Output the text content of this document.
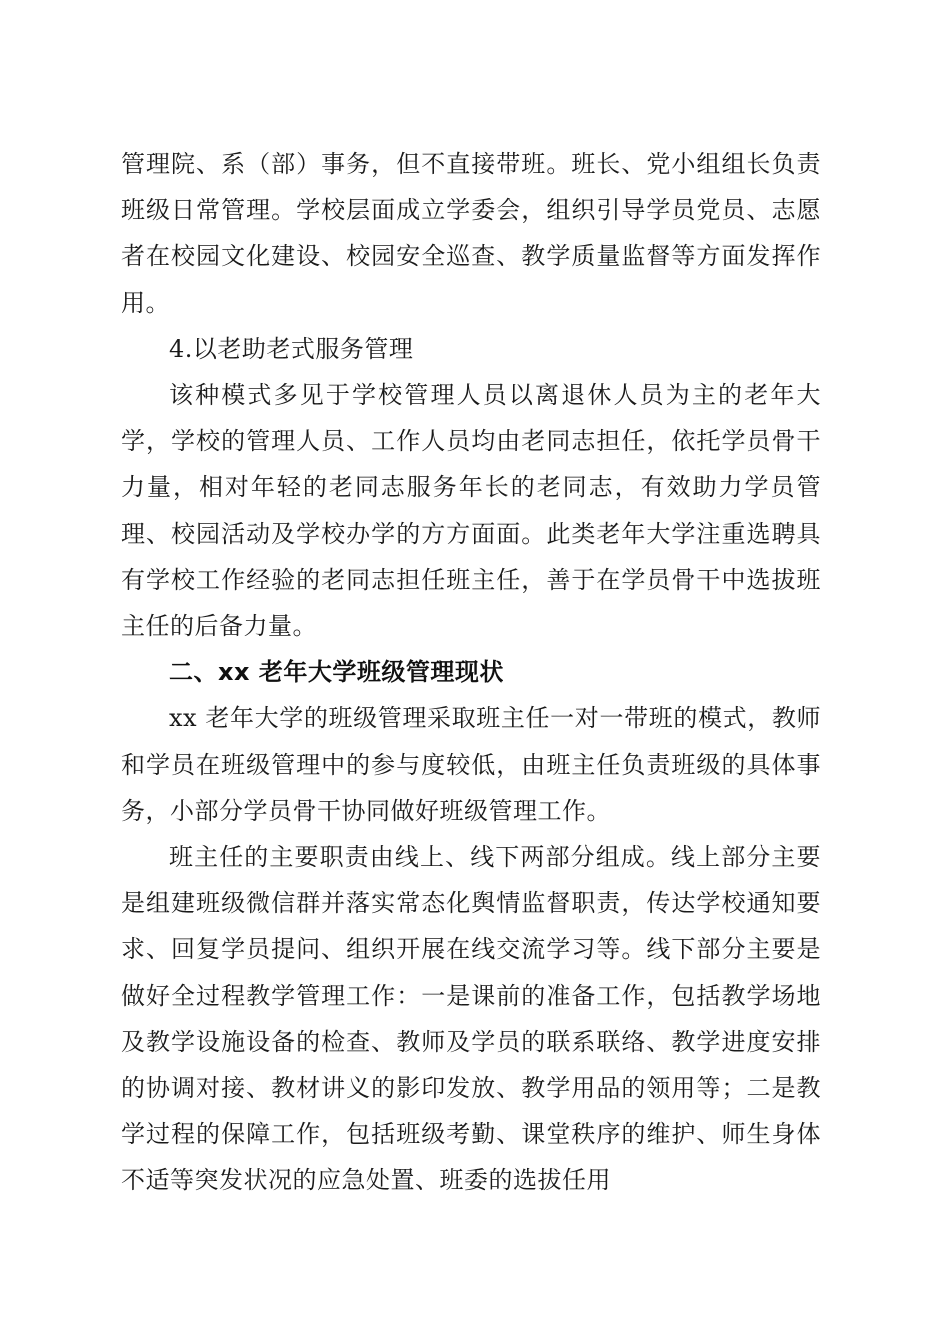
管理院、系（部）事务，但不直接带班。班长、党小组组长负责班级日常管理。学校层面成立学委会，组织引导学员党员、志愿者在校园文化建设、校园安全巡查、教学质量监督等方面发挥作用。

4.以老助老式服务管理

该种模式多见于学校管理人员以离退休人员为主的老年大学，学校的管理人员、工作人员均由老同志担任，依托学员骨干力量，相对年轻的老同志服务年长的老同志，有效助力学员管理、校园活动及学校办学的方方面面。此类老年大学注重选聘具有学校工作经验的老同志担任班主任，善于在学员骨干中选拔班主任的后备力量。

二、xx 老年大学班级管理现状

xx 老年大学的班级管理采取班主任一对一带班的模式，教师和学员在班级管理中的参与度较低，由班主任负责班级的具体事务，小部分学员骨干协同做好班级管理工作。

班主任的主要职责由线上、线下两部分组成。线上部分主要是组建班级微信群并落实常态化舆情监督职责，传达学校通知要求、回复学员提问、组织开展在线交流学习等。线下部分主要是做好全过程教学管理工作：一是课前的准备工作，包括教学场地及教学设施设备的检查、教师及学员的联系联络、教学进度安排的协调对接、教材讲义的影印发放、教学用品的领用等；二是教学过程的保障工作，包括班级考勤、课堂秩序的维护、师生身体不适等突发状况的应急处置、班委的选拔任用
